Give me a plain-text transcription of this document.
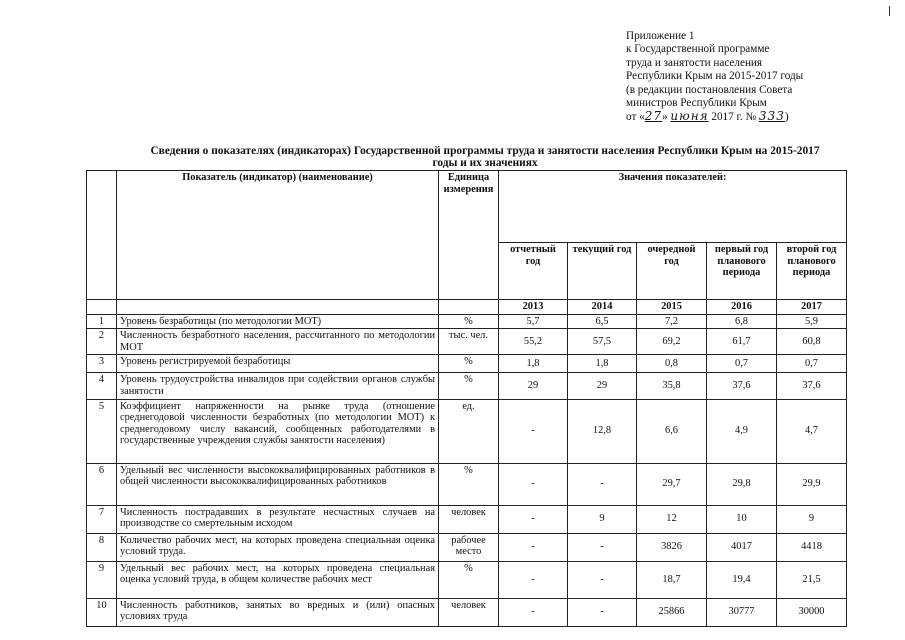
Приложение 1
к Государственной программе
труда и занятости населения
Республики Крым на 2015-2017 годы
(в редакции постановления Совета
министров Республики Крым
от «27» июня 2017 г. № 333)
Сведения о показателях (индикаторах) Государственной программы труда и занятости населения Республики Крым на 2015-2017
годы и их значениях
	Показатель (индикатор) (наименование)	Единица измерения	Значения показателей:				
			отчетный год	текущий год	очередной год	первый год планового периода	второй год планового периода
			2013	2014	2015	2016	2017
1	Уровень безработицы (по методологии МОТ)	%	5,7	6,5	7,2	6,8	5,9
2	Численность безработного населения, рассчитанного по методологии МОТ	тыс. чел.	55,2	57,5	69,2	61,7	60,8
3	Уровень регистрируемой безработицы	%	1,8	1,8	0,8	0,7	0,7
4	Уровень трудоустройства инвалидов при содействии органов службы занятости	%	29	29	35,8	37,6	37,6
5	Коэффициент напряженности на рынке труда (отношение среднегодовой численности безработных (по методологии МОТ) к среднегодовому числу вакансий, сообщенных работодателями в государственные учреждения службы занятости населения)	ед.	-	12,8	6,6	4,9	4,7
6	Удельный вес численности высококвалифицированных работников в общей численности высококвалифицированных работников	%	-	-	29,7	29,8	29,9
7	Численность пострадавших в результате несчастных случаев на производстве со смертельным исходом	человек	-	9	12	10	9
8	Количество рабочих мест, на которых проведена специальная оценка условий труда.	рабочее место	-	-	3826	4017	4418
9	Удельный вес рабочих мест, на которых проведена специальная оценка условий труда, в общем количестве рабочих мест	%	-	-	18,7	19,4	21,5
10	Численность работников, занятых во вредных и (или) опасных условиях труда	человек	-	-	25866	30777	30000
